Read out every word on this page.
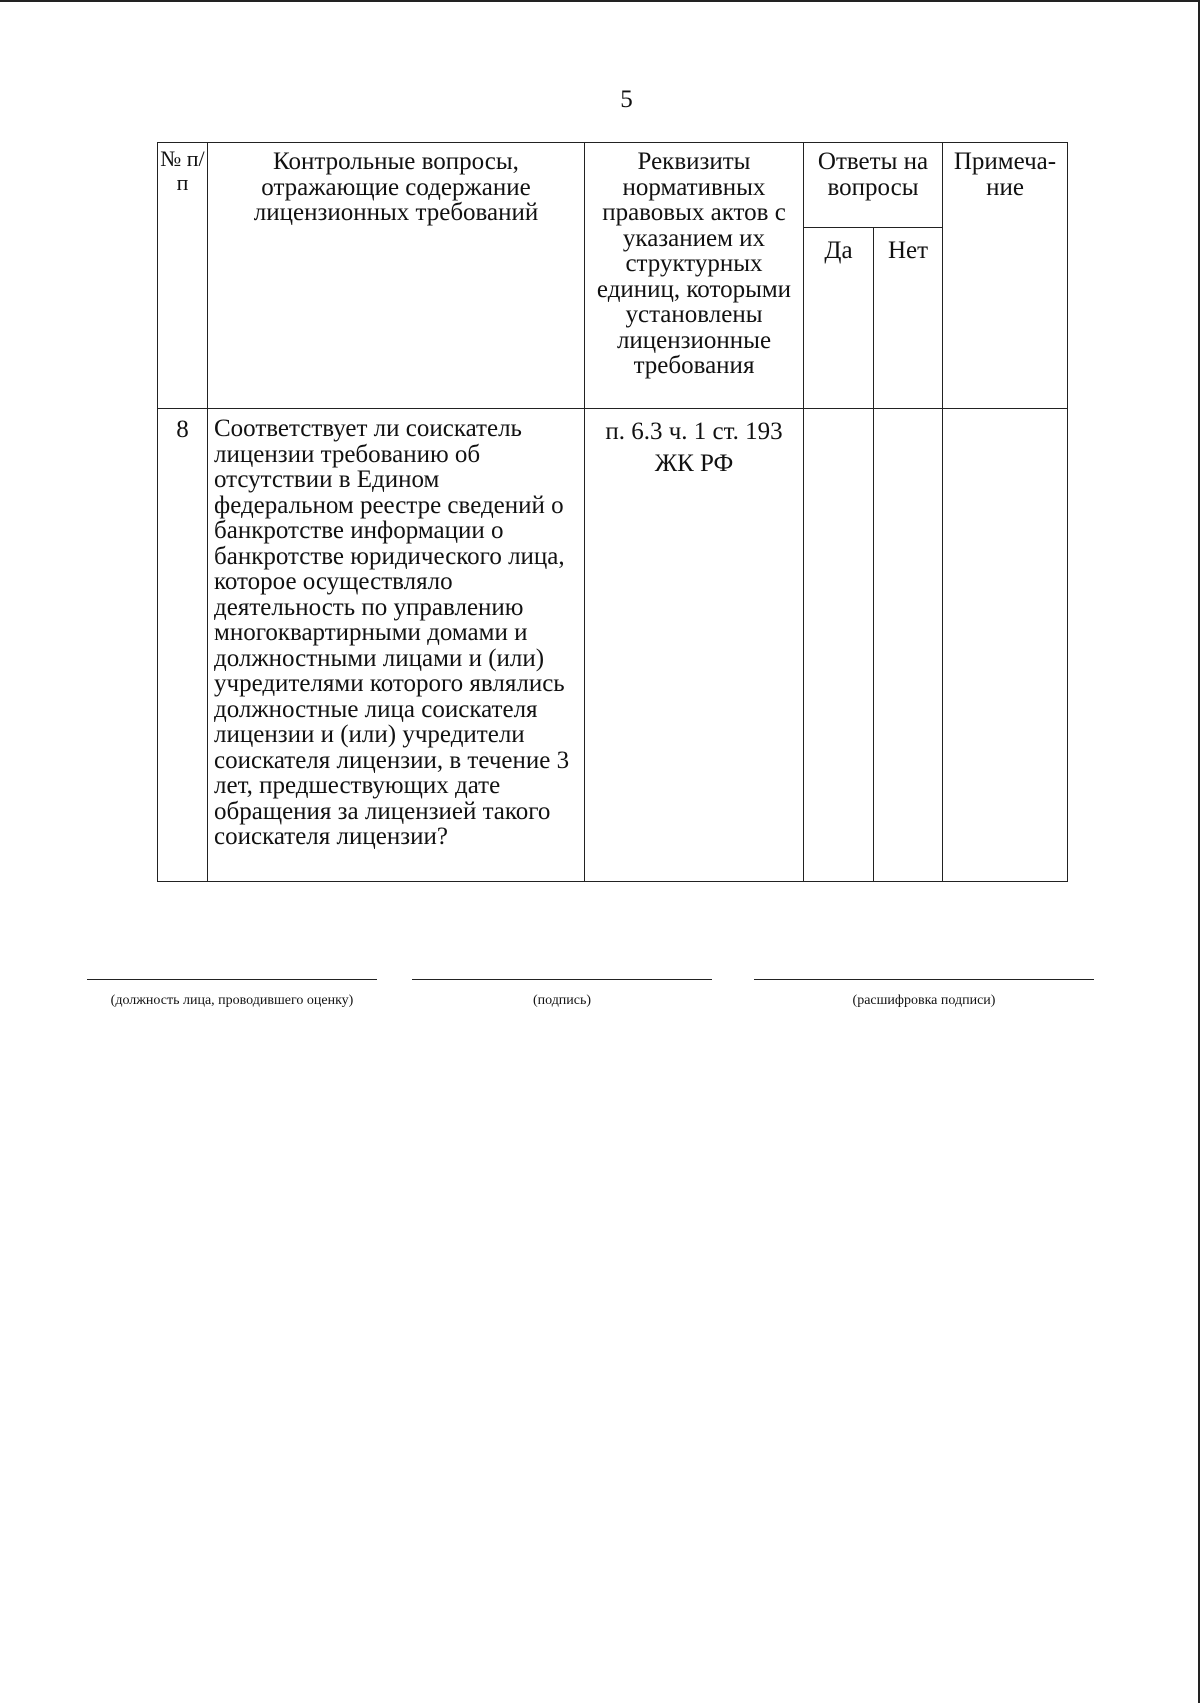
5
№ п/п	Контрольные вопросы, отражающие содержание лицензионных требований	Реквизиты нормативных правовых актов с указанием их структурных единиц, которыми установлены лицензионные требования	Ответы на вопросы		Примеча-ние
			Да	Нет	
8	Соответствует ли соискатель лицензии требованию об отсутствии в Едином федеральном реестре сведений о банкротстве информации о банкротстве юридического лица, которое осуществляло деятельность по управлению многоквартирными домами и должностными лицами и (или) учредителями которого являлись должностные лица соискателя лицензии и (или) учредители соискателя лицензии, в течение 3 лет, предшествующих дате обращения за лицензией такого соискателя лицензии?	п. 6.3 ч. 1 ст. 193 ЖК РФ			
(должность лица, проводившего оценку)	(подпись)	(расшифровка подписи)
